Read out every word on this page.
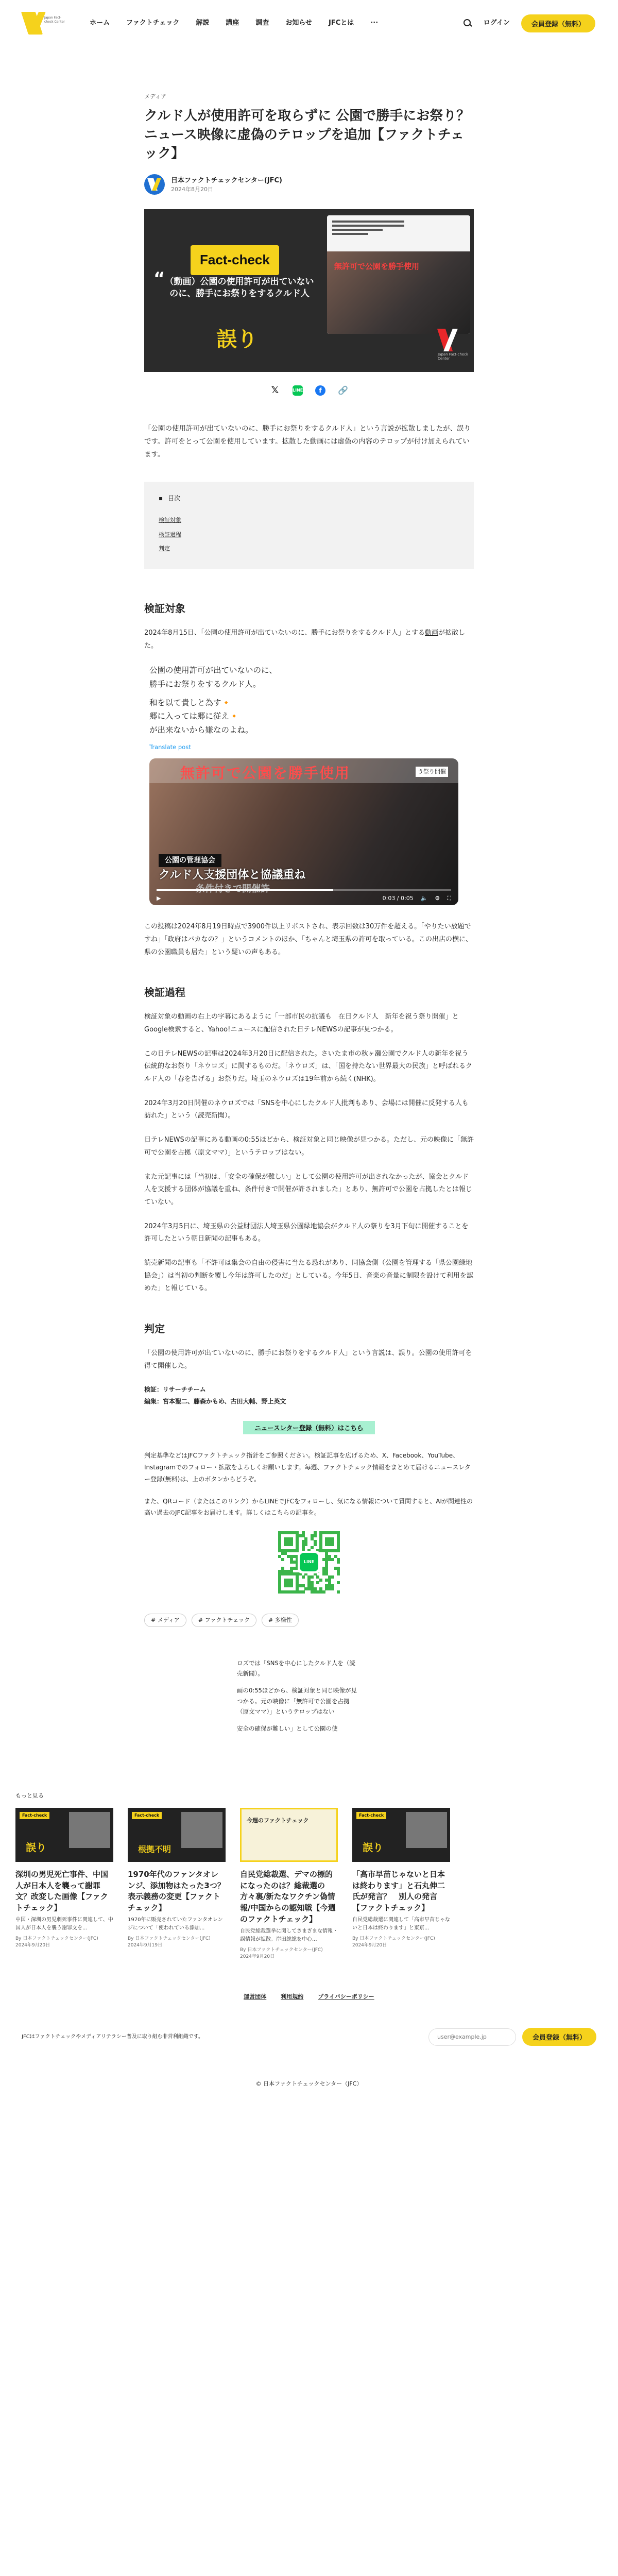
Japan Fact-check Center	ホーム	ファクトチェック	解説	講座	調査	お知らせ	JFCとは	···	ログイン	会員登録（無料）
メディア
クルド人が使用許可を取らずに 公園で勝手にお祭り？ニュース映像に虚偽のテロップを追加【ファクトチェック】
日本ファクトチェックセンター(JFC)
2024年8月20日
Fact-check
“ （動画）公園の使用許可が出ていないのに、勝手にお祭りをするクルド人
誤り
無許可で公園を勝手使用
Japan Fact-check Center
𝕏	LINE	f	🔗

「公園の使用許可が出ていないのに、勝手にお祭りをするクルド人」という言説が拡散しましたが、誤りです。許可をとって公園を使用しています。拡散した動画には虚偽の内容のテロップが付け加えられています。

▪ 目次
検証対象
検証過程
判定
検証対象

2024年8月15日、「公園の使用許可が出ていないのに、勝手にお祭りをするクルド人」とする動画が拡散した。

公園の使用許可が出ていないのに、
勝手にお祭りをするクルド人。
和を以て貴しと為す🔸
郷に入っては郷に従え🔸
が出来ないから嫌なのよね。
Translate post
無許可で公園を勝手使用	う祭り開催
公園の管理協会
クルド人支援団体と協議重ね
▶	0:03 / 0:05 🔈 ⚙ ⛶

この投稿は2024年8月19日時点で3900件以上リポストされ、表示回数は30万件を超える。「やりたい放題ですね」「政府はバカなの？」というコメントのほか、「ちゃんと埼玉県の許可を取っている。この出店の横に、県の公園職員も居た」という疑いの声もある。

検証過程

検証対象の動画の右上の字幕にあるように「一部市民の抗議も　在日クルド人　新年を祝う祭り開催」とGoogle検索すると、Yahoo!ニュースに配信された日テレNEWSの記事が見つかる。

この日テレNEWSの記事は2024年3月20日に配信された。さいたま市の秋ヶ瀬公園でクルド人の新年を祝う伝統的なお祭り「ネウロズ」に関するものだ。「ネウロズ」は、「国を持たない世界最大の民族」と呼ばれるクルド人の「春を告げる」お祭りだ。埼玉のネウロズは19年前から続く(NHK)。

2024年3月20日開催のネウロズでは「SNSを中心にしたクルド人批判もあり、会場には開催に反発する人も訪れた」という（読売新聞）。

日テレNEWSの記事にある動画の0:55ほどから、検証対象と同じ映像が見つかる。ただし、元の映像に「無許可で公園を占拠（原文ママ）」というテロップはない。

また元記事には「当初は、「安全の確保が難しい」として公園の使用許可が出されなかったが、協会とクルド人を支援する団体が協議を重ね、条件付きで開催が許されました」とあり、無許可で公園を占拠したとは報じていない。

2024年3月5日に、埼玉県の公益財団法人埼玉県公園緑地協会がクルド人の祭りを3月下旬に開催することを許可したという朝日新聞の記事もある。

読売新聞の記事も「不許可は集会の自由の侵害に当たる恐れがあり、同協会側（公園を管理する「県公園緑地協会」）は当初の判断を覆し今年は許可したのだ」としている。今年5日、音楽の音量に制限を設けて利用を認めた」と報じている。

判定

「公園の使用許可が出ていないのに、勝手にお祭りをするクルド人」という言説は、誤り。公園の使用許可を得て開催した。

検証：リサーチチーム
編集：宮本聖二、藤森かもめ、古田大輔、野上英文
ニュースレター登録（無料）はこちら

判定基準などはJFCファクトチェック指針をご参照ください。検証記事を広げるため、X、Facebook、YouTube、Instagramでのフォロー・拡散をよろしくお願いします。毎週、ファクトチェック情報をまとめて届けるニュースレター登録(無料)は、上のボタンからどうぞ。

また、QRコード（またはこのリンク）からLINEでJFCをフォローし、気になる情報について質問すると、AIが関連性の高い過去のJFC記事をお届けします。詳しくはこちらの記事を。

LINE
# メディア	# ファクトチェック	# 多様性
ロズでは「SNSを中心にしたクルド人を（読売新聞）。
画の0:55ほどから、検証対象と同じ映像が見つかる。元の映像に「無許可で公園を占拠（原文ママ）」というテロップはない
安全の確保が難しい」として公園の使
もっと見る
Fact-check
誤り
深圳の男児死亡事件、中国人が日本人を襲って謝罪文？改変した画像【ファクトチェック】
中国・深圳の男児刺死事件に関連して、中国人が日本人を襲う謝罪文を...
By 日本ファクトチェックセンター(JFC)
2024年9月20日
Fact-check
根拠不明
1970年代のファンタオレンジ、添加物はたった3つ？ 表示義務の変更【ファクトチェック】
1970年に販売されていたファンタオレンジについて「使われている添加...
By 日本ファクトチェックセンター(JFC)
2024年9月19日
今週のファクトチェック
自民党総裁選、デマの標的になったのは？総裁選の方々裏/新たなワクチン偽情報/中国からの認知戦【今週のファクトチェック】
自民党総裁選挙に関してさまざまな情報・誤情報が拡散。岸田総総を中心...
By 日本ファクトチェックセンター(JFC)
2024年9月20日
Fact-check
誤り
「高市早苗じゃないと日本は終わります」と石丸伸二氏が発言？　別人の発言【ファクトチェック】
自民党総裁選に関連して「高市早苗じゃないと日本は終わります」と東京...
By 日本ファクトチェックセンター(JFC)
2024年9月20日
運営団体	利用規約	プライバシーポリシー
JFCはファクトチェックやメディアリテラシー普及に取り組む非営利組織です。
user@example.jp	会員登録（無料）
© 日本ファクトチェックセンター（JFC）
